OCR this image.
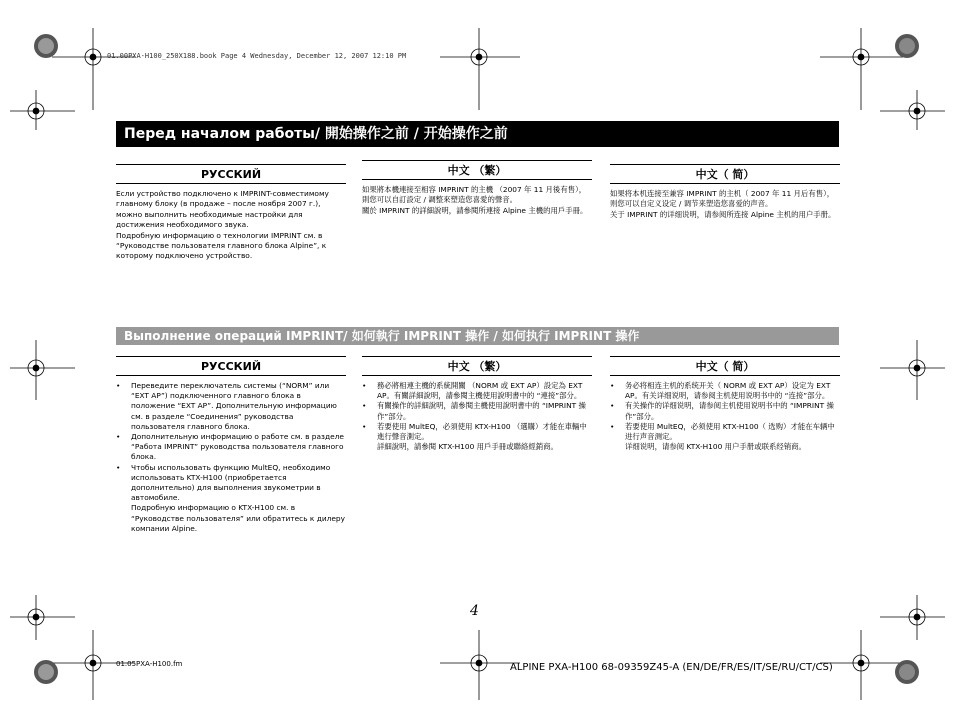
01.00PXA-H100_250X188.book Page 4 Wednesday, December 12, 2007 12:10 PM
Перед началом работы/ 開始操作之前 / 开始操作之前
РУССКИЙ

Если устройство подключено к IMPRINT-совместимому главному блоку (в продаже – после ноября 2007 г.), можно выполнить необходимые настройки для достижения необходимого звука.

Подробную информацию о технологии IMPRINT см. в “Руководстве пользователя главного блока Alpine”, к которому подключено устройство.

中文 （繁）

如果將本機連接至相容 IMPRINT 的主機 （2007 年 11 月後有售），則您可以自訂設定 / 調整來塑造您喜愛的聲音。

關於 IMPRINT 的詳細說明，請參閱所連接 Alpine 主機的用戶手冊。

中文（ 简）

如果将本机连接至兼容 IMPRINT 的主机（ 2007 年 11 月后有售），则您可以自定义设定 / 调节来塑造您喜爱的声音。

关于 IMPRINT 的详细说明，请参阅所连接 Alpine 主机的用户手册。

Выполнение операций IMPRINT/ 如何執行 IMPRINT 操作 / 如何执行 IMPRINT 操作
РУССКИЙ
• Переведите переключатель системы (“NORM” или “EXT AP”) подключенного главного блока в положение “EXT AP”. Дополнительную информацию см. в разделе “Соединения” руководства пользователя главного блока.
• Дополнительную информацию о работе см. в разделе “Работа IMPRINT” руководства пользователя главного блока.
• Чтобы использовать функцию MultEQ, необходимо использовать KTX-H100 (приобретается дополнительно) для выполнения звукометрии в автомобиле.
Подробную информацию о KTX-H100 см. в “Руководстве пользователя” или обратитесь к дилеру компании Alpine.
中文 （繁）
• 務必將相連主機的系統開關 （NORM 或 EXT AP）設定為 EXT AP。有關詳細說明，請參閱主機使用說明書中的 “連接”部分。
• 有關操作的詳細說明，請參閱主機使用說明書中的 “IMPRINT 操作”部分。
• 若要使用 MultEQ，必須使用 KTX-H100 （選購）才能在車輛中進行聲音測定。
詳細說明，請參閱 KTX-H100 用戶手冊或聯絡經銷商。
中文（ 简）
• 务必将相连主机的系统开关（ NORM 或 EXT AP）设定为 EXT AP。有关详细说明，请参阅主机使用说明书中的 “连接”部分。
• 有关操作的详细说明，请参阅主机使用说明书中的 “IMPRINT 操作”部分。
• 若要使用 MultEQ，必须使用 KTX-H100（ 选购）才能在车辆中进行声音测定。
详细说明，请参阅 KTX-H100 用户手册或联系经销商。
4
01.05PXA-H100.fm	ALPINE PXA-H100 68-09359Z45-A (EN/DE/FR/ES/IT/SE/RU/CT/CS)
